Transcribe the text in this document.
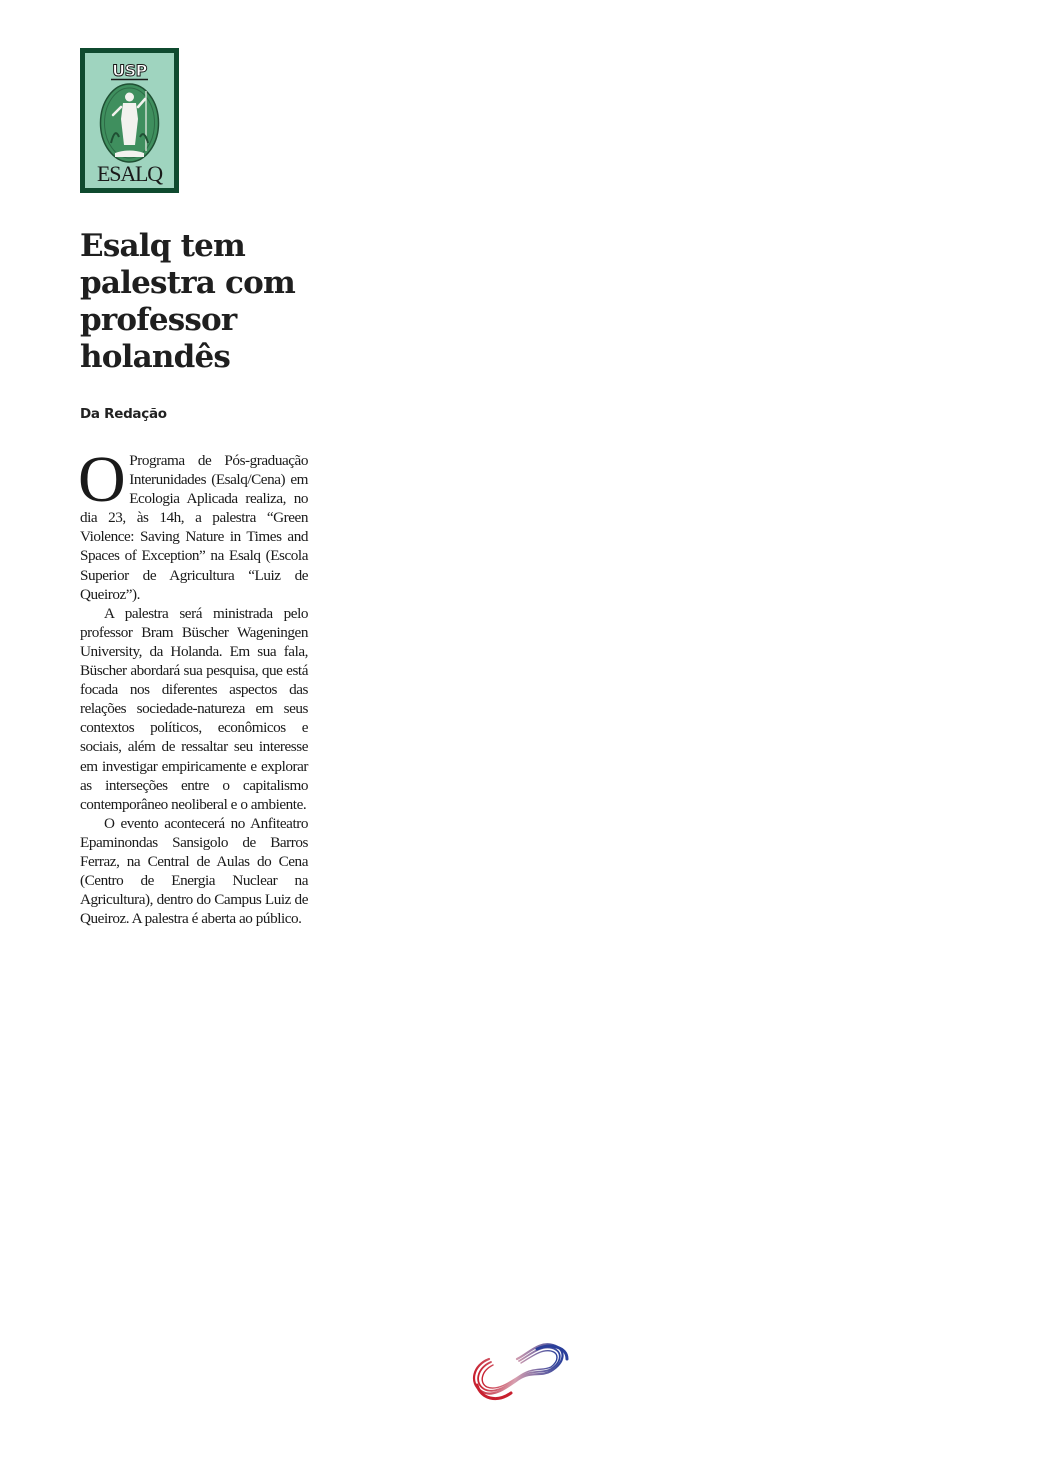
USP
ESALQ
Esalq tem
palestra com
professor
holandês

Da Redação

O Programa de Pós-graduação Interunidades (Esalq/Cena) em Ecologia Aplicada realiza, no dia 23, às 14h, a palestra “Green Violence: Saving Nature in Times and Spaces of Exception” na Esalq (Escola Superior de Agricultura “Luiz de Queiroz”).

A palestra será ministrada pelo professor Bram Büscher Wageningen University, da Holanda. Em sua fala, Büscher abordará sua pesquisa, que está focada nos diferentes aspectos das relações sociedade-natureza em seus contextos políticos, econômicos e sociais, além de ressaltar seu interesse em investigar empiricamente e explorar as interseções entre o capitalismo contemporâneo neoliberal e o ambiente.

O evento acontecerá no Anfiteatro Epaminondas Sansigolo de Barros Ferraz, na Central de Aulas do Cena (Centro de Energia Nuclear na Agricultura), dentro do Campus Luiz de Queiroz. A palestra é aberta ao público.
